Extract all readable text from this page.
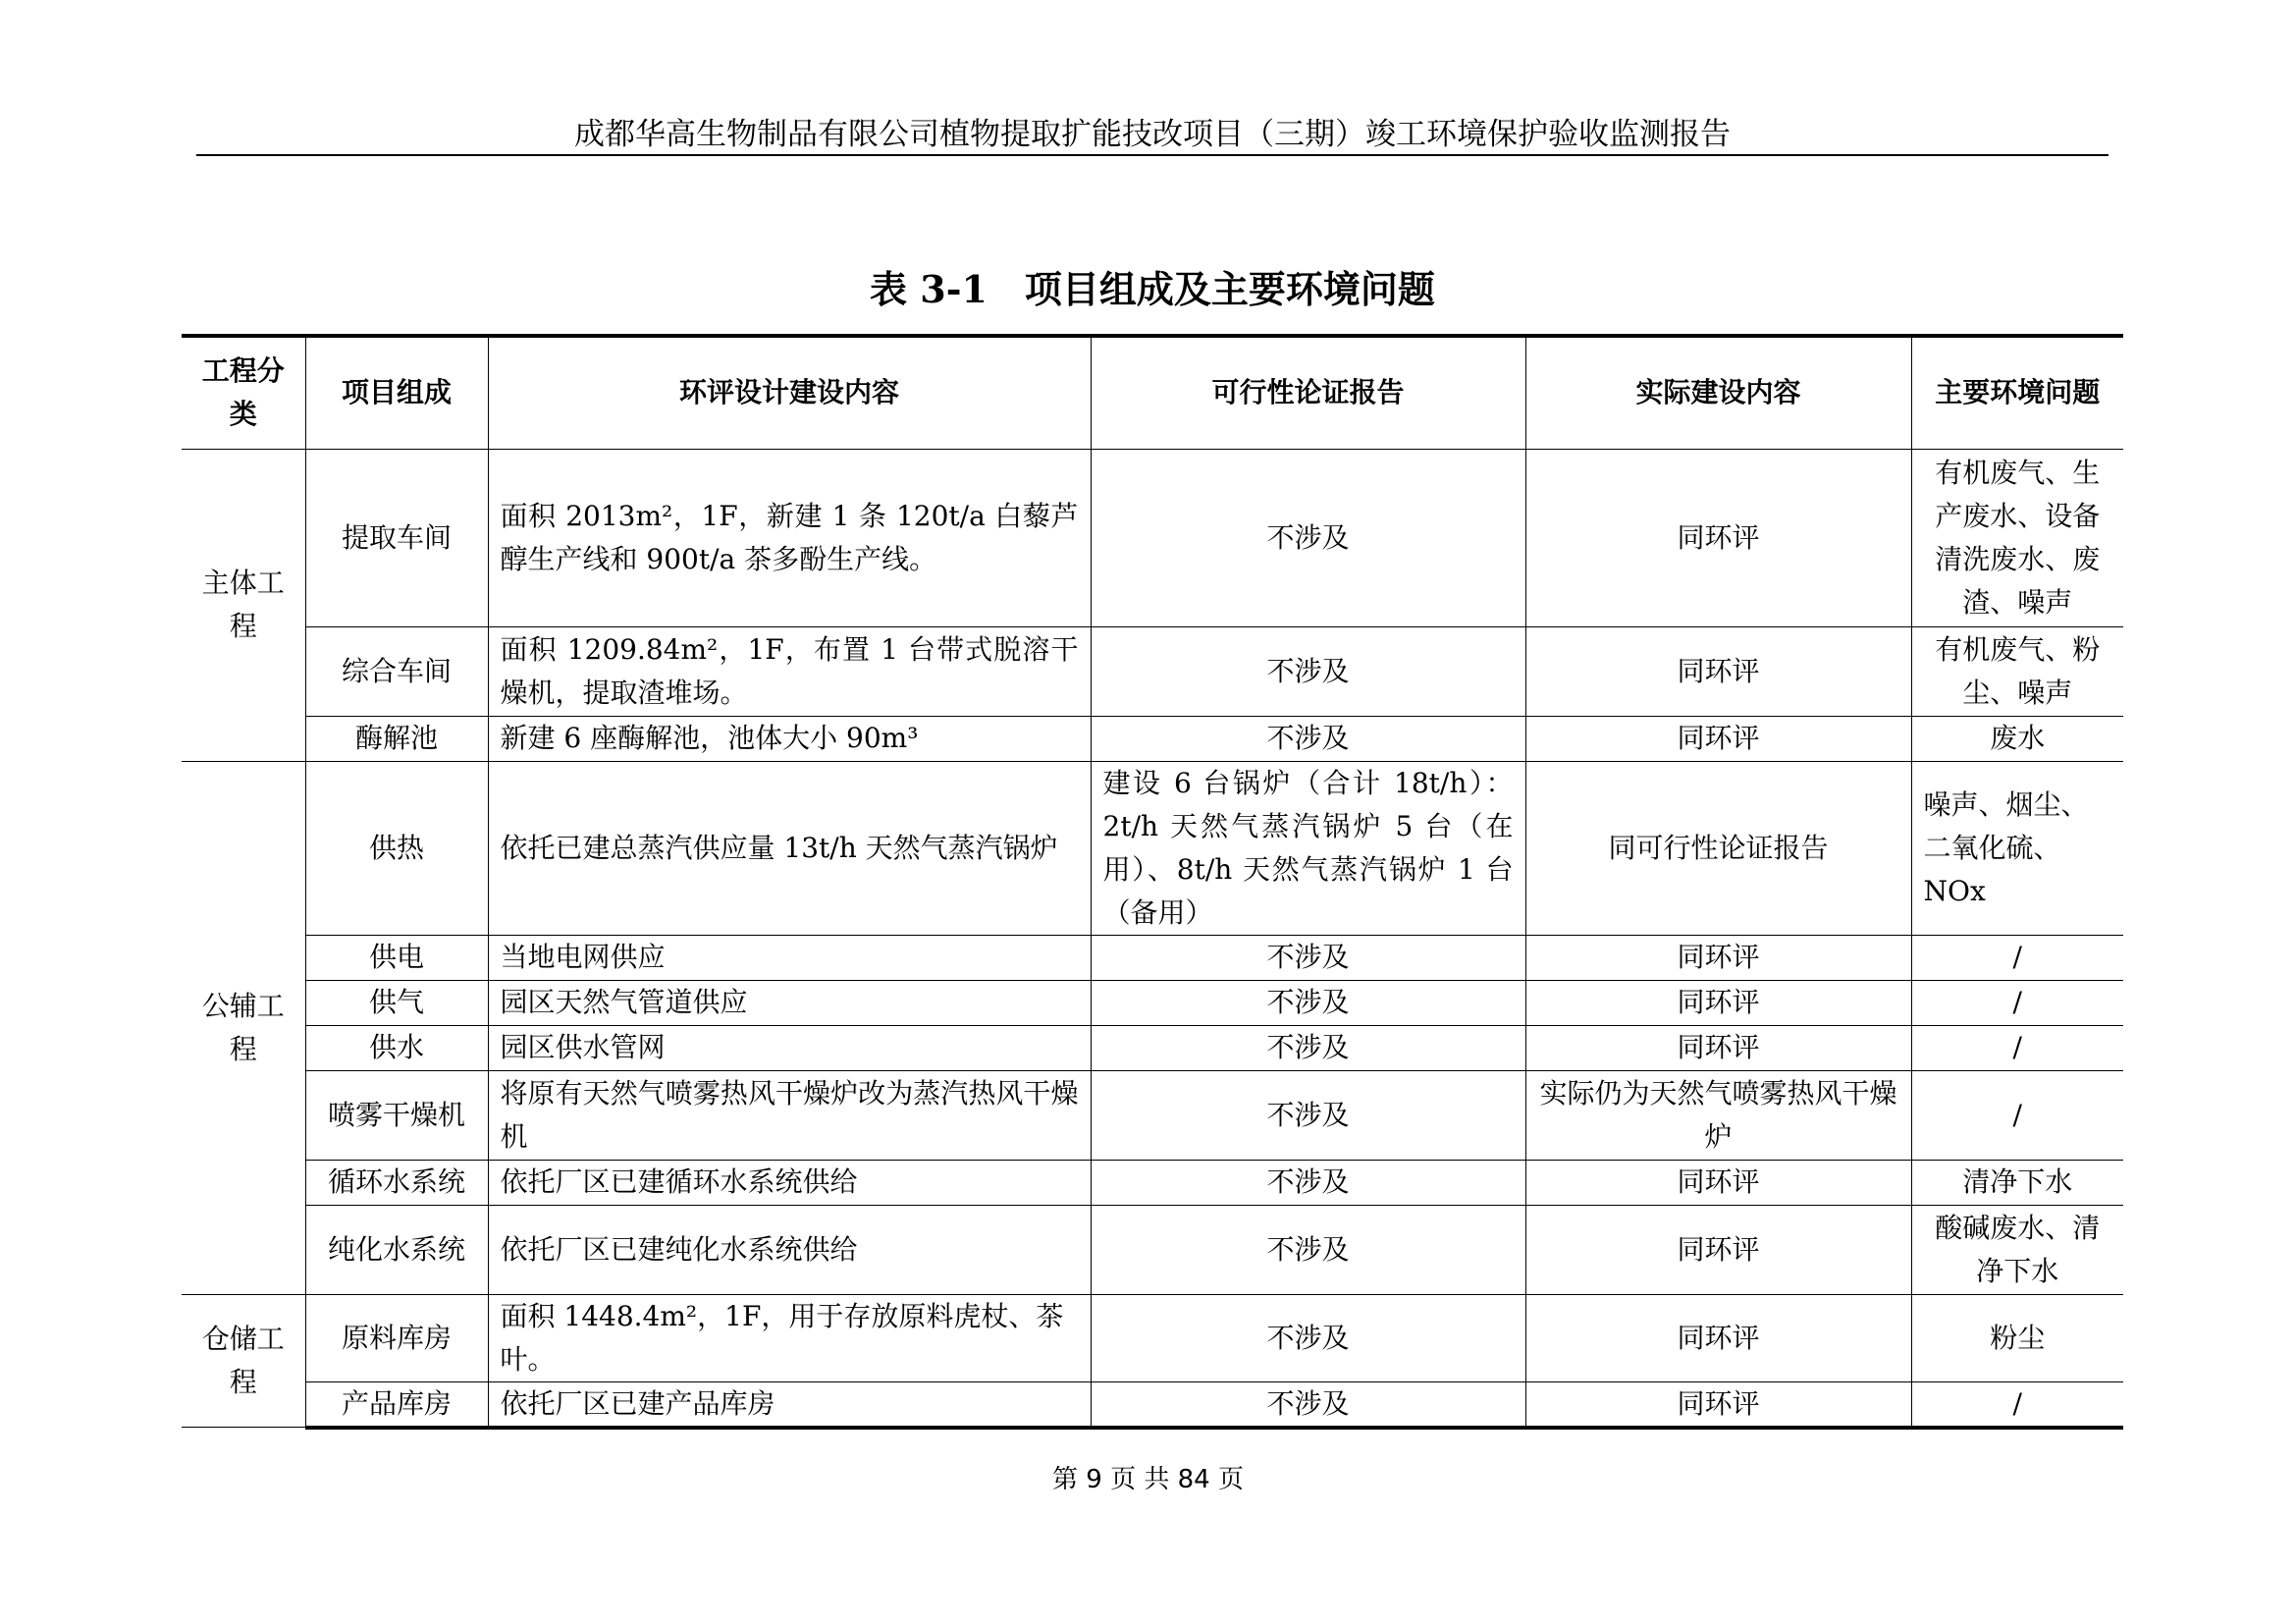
成都华高生物制品有限公司植物提取扩能技改项目（三期）竣工环境保护验收监测报告
表 3-1　项目组成及主要环境问题
工程分类	项目组成	环评设计建设内容	可行性论证报告	实际建设内容	主要环境问题
主体工程	提取车间	面积 2013m²，1F，新建 1 条 120t/a 白藜芦醇生产线和 900t/a 茶多酚生产线。	不涉及	同环评	有机废气、生产废水、设备清洗废水、废渣、噪声
	综合车间	面积 1209.84m²，1F，布置 1 台带式脱溶干燥机，提取渣堆场。	不涉及	同环评	有机废气、粉尘、噪声
	酶解池	新建 6 座酶解池，池体大小 90m³	不涉及	同环评	废水
公辅工程	供热	依托已建总蒸汽供应量 13t/h 天然气蒸汽锅炉	建设 6 台锅炉（合计 18t/h）：2t/h 天然气蒸汽锅炉 5 台（在用）、8t/h 天然气蒸汽锅炉 1 台（备用）	同可行性论证报告	噪声、烟尘、二氧化硫、NOx
	供电	当地电网供应	不涉及	同环评	/
	供气	园区天然气管道供应	不涉及	同环评	/
	供水	园区供水管网	不涉及	同环评	/
	喷雾干燥机	将原有天然气喷雾热风干燥炉改为蒸汽热风干燥机	不涉及	实际仍为天然气喷雾热风干燥炉	/
	循环水系统	依托厂区已建循环水系统供给	不涉及	同环评	清净下水
	纯化水系统	依托厂区已建纯化水系统供给	不涉及	同环评	酸碱废水、清净下水
仓储工程	原料库房	面积 1448.4m²，1F，用于存放原料虎杖、茶叶。	不涉及	同环评	粉尘
	产品库房	依托厂区已建产品库房	不涉及	同环评	/
第 9 页 共 84 页
